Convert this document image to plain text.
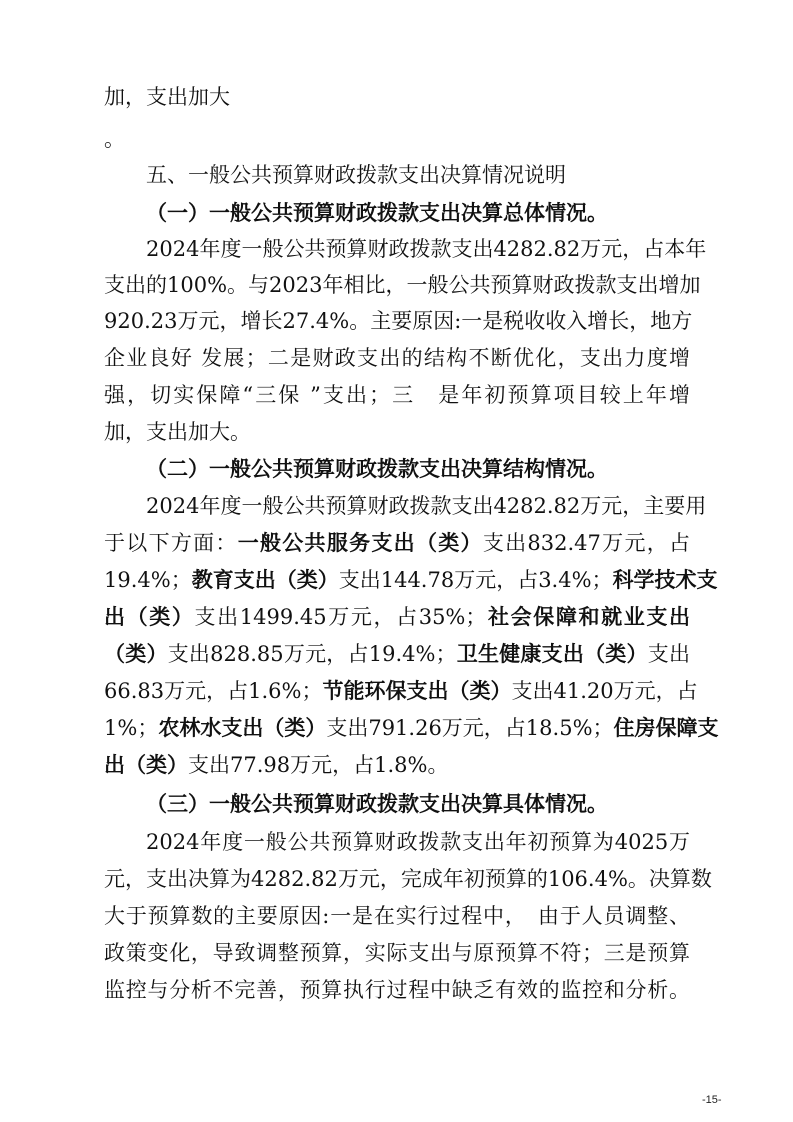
加，支出加大
。
五、一般公共预算财政拨款支出决算情况说明
（一）一般公共预算财政拨款支出决算总体情况。
2024年度一般公共预算财政拨款支出4282.82万元，占本年
支出的100%。与2023年相比，一般公共预算财政拨款支出增加
920.23万元，增长27.4%。主要原因:一是税收收入增长，地方
企业良好 发展；二是财政支出的结构不断优化，支出力度增
强，切实保障“三保 ”支出；三　是年初预算项目较上年增
加，支出加大。
（二）一般公共预算财政拨款支出决算结构情况。
2024年度一般公共预算财政拨款支出4282.82万元，主要用
于以下方面：一般公共服务支出（类）支出832.47万元，占
19.4%；教育支出（类）支出144.78万元，占3.4%；科学技术支
出（类）支出1499.45万元，占35%；社会保障和就业支出
（类）支出828.85万元，占19.4%；卫生健康支出（类）支出
66.83万元，占1.6%；节能环保支出（类）支出41.20万元，占
1%；农林水支出（类）支出791.26万元，占18.5%；住房保障支
出（类）支出77.98万元，占1.8%。
（三）一般公共预算财政拨款支出决算具体情况。
2024年度一般公共预算财政拨款支出年初预算为4025万
元，支出决算为4282.82万元，完成年初预算的106.4%。决算数
大于预算数的主要原因:一是在实行过程中，　由于人员调整、
政策变化，导致调整预算，实际支出与原预算不符；三是预算
监控与分析不完善，预算执行过程中缺乏有效的监控和分析。
-15-
